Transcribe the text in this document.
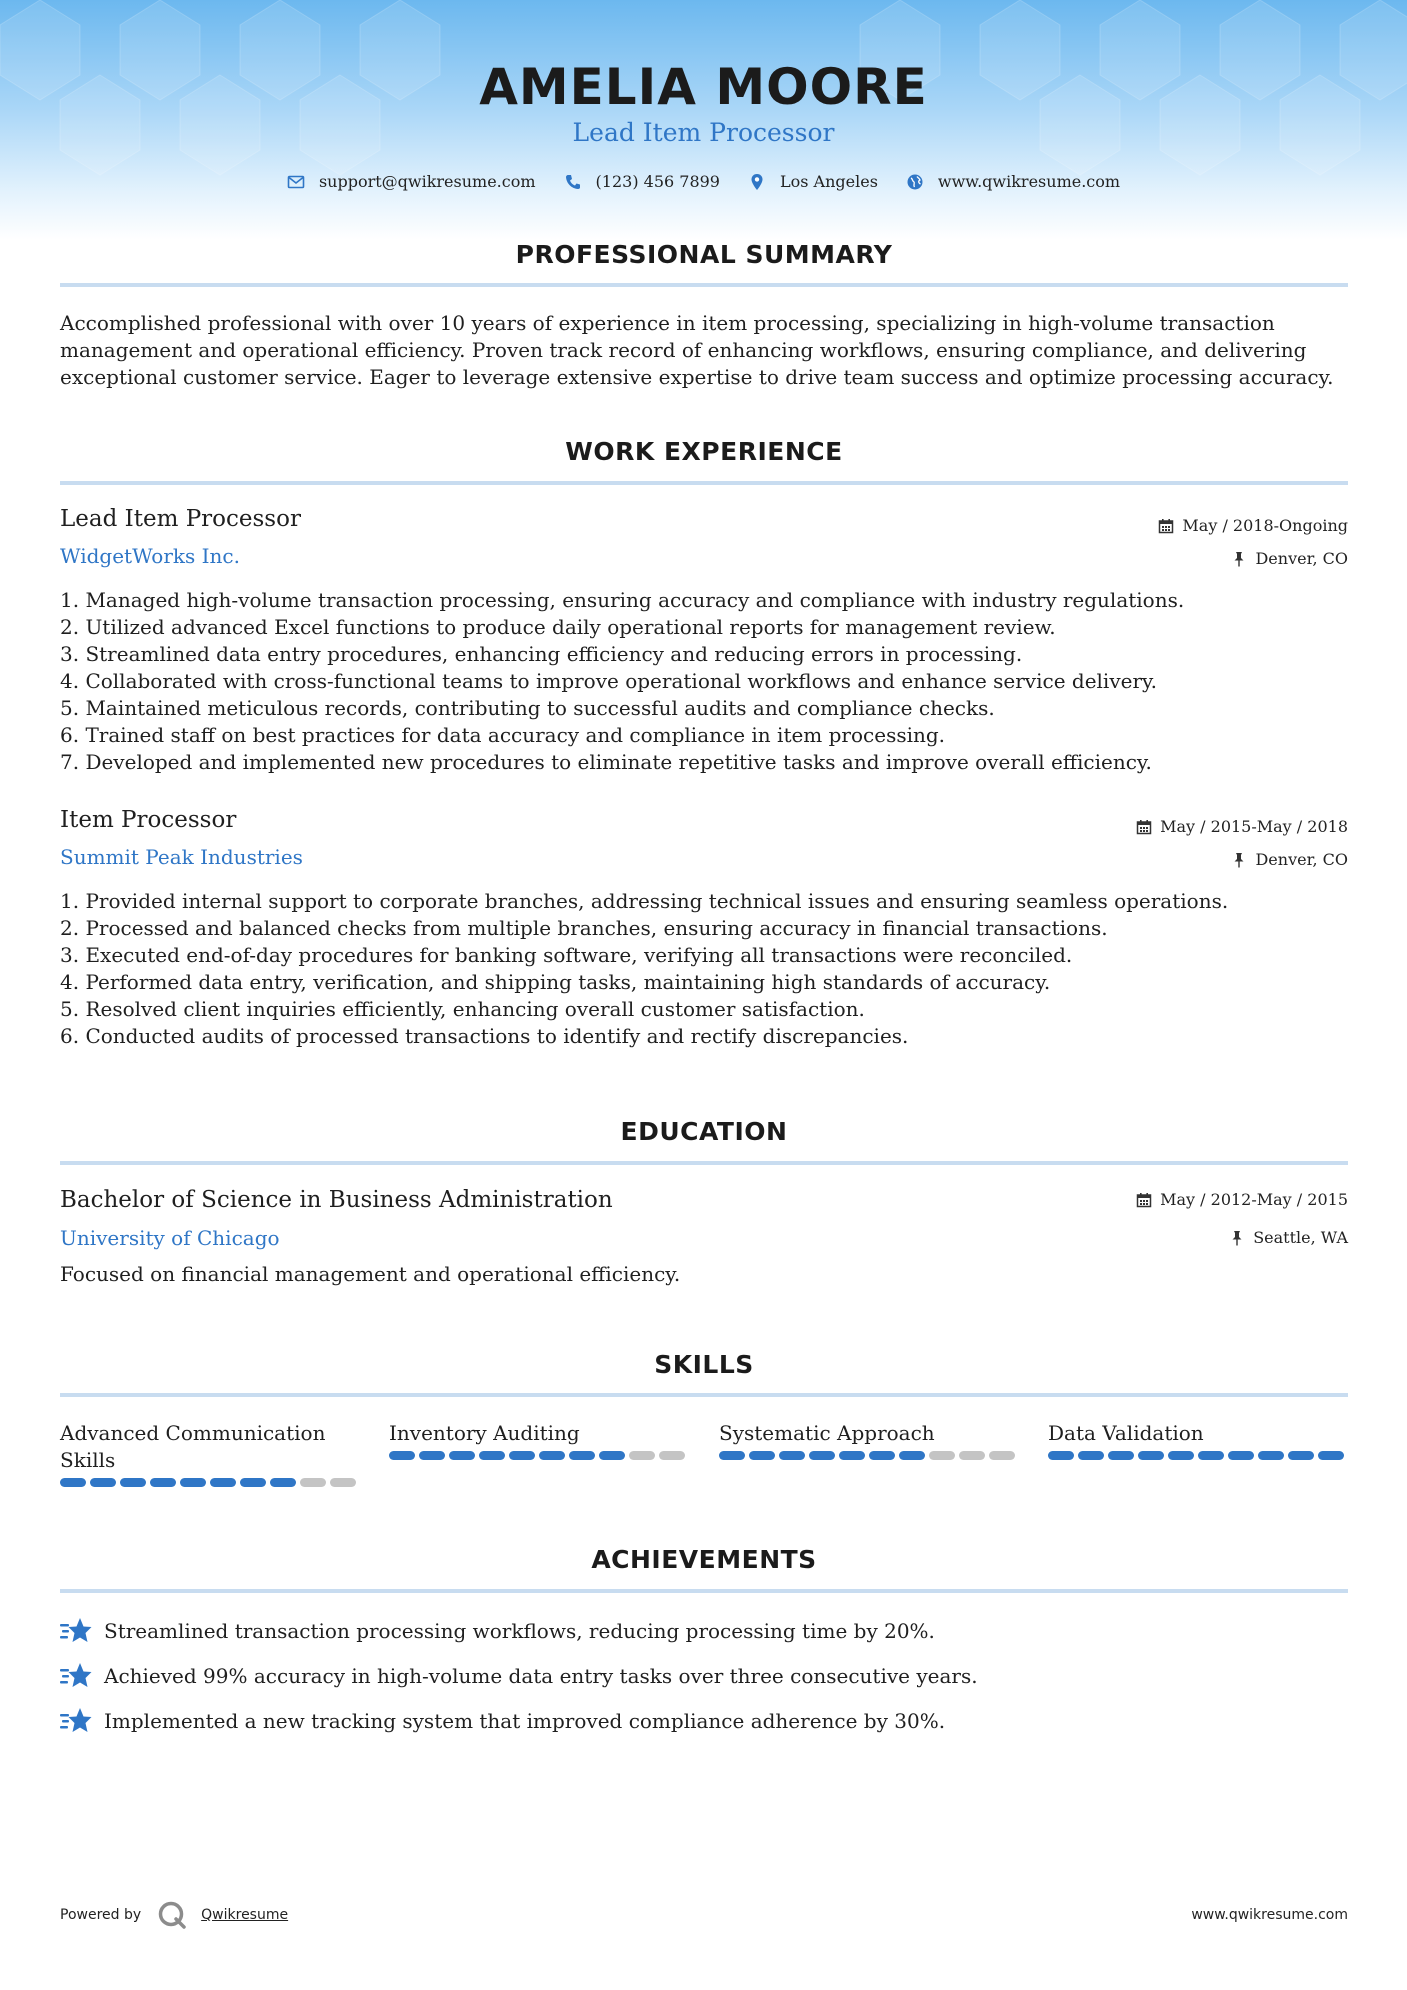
AMELIA MOORE
Lead Item Processor
support@qwikresume.com	(123) 456 7899	Los Angeles	www.qwikresume.com
PROFESSIONAL SUMMARY
Accomplished professional with over 10 years of experience in item processing, specializing in high-volume transaction management and operational efficiency. Proven track record of enhancing workflows, ensuring compliance, and delivering exceptional customer service. Eager to leverage extensive expertise to drive team success and optimize processing accuracy.
WORK EXPERIENCE
Lead Item Processor
WidgetWorks Inc.
May / 2018-Ongoing
Denver, CO
1. Managed high-volume transaction processing, ensuring accuracy and compliance with industry regulations.
2. Utilized advanced Excel functions to produce daily operational reports for management review.
3. Streamlined data entry procedures, enhancing efficiency and reducing errors in processing.
4. Collaborated with cross-functional teams to improve operational workflows and enhance service delivery.
5. Maintained meticulous records, contributing to successful audits and compliance checks.
6. Trained staff on best practices for data accuracy and compliance in item processing.
7. Developed and implemented new procedures to eliminate repetitive tasks and improve overall efficiency.
Item Processor
Summit Peak Industries
May / 2015-May / 2018
Denver, CO
1. Provided internal support to corporate branches, addressing technical issues and ensuring seamless operations.
2. Processed and balanced checks from multiple branches, ensuring accuracy in financial transactions.
3. Executed end-of-day procedures for banking software, verifying all transactions were reconciled.
4. Performed data entry, verification, and shipping tasks, maintaining high standards of accuracy.
5. Resolved client inquiries efficiently, enhancing overall customer satisfaction.
6. Conducted audits of processed transactions to identify and rectify discrepancies.
EDUCATION
Bachelor of Science in Business Administration
University of Chicago
May / 2012-May / 2015
Seattle, WA
Focused on financial management and operational efficiency.
SKILLS
Advanced Communication Skills
Inventory Auditing	Systematic Approach	Data Validation
ACHIEVEMENTS
Streamlined transaction processing workflows, reducing processing time by 20%.
Achieved 99% accuracy in high-volume data entry tasks over three consecutive years.
Implemented a new tracking system that improved compliance adherence by 30%.
Powered by	Qwikresume	www.qwikresume.com
